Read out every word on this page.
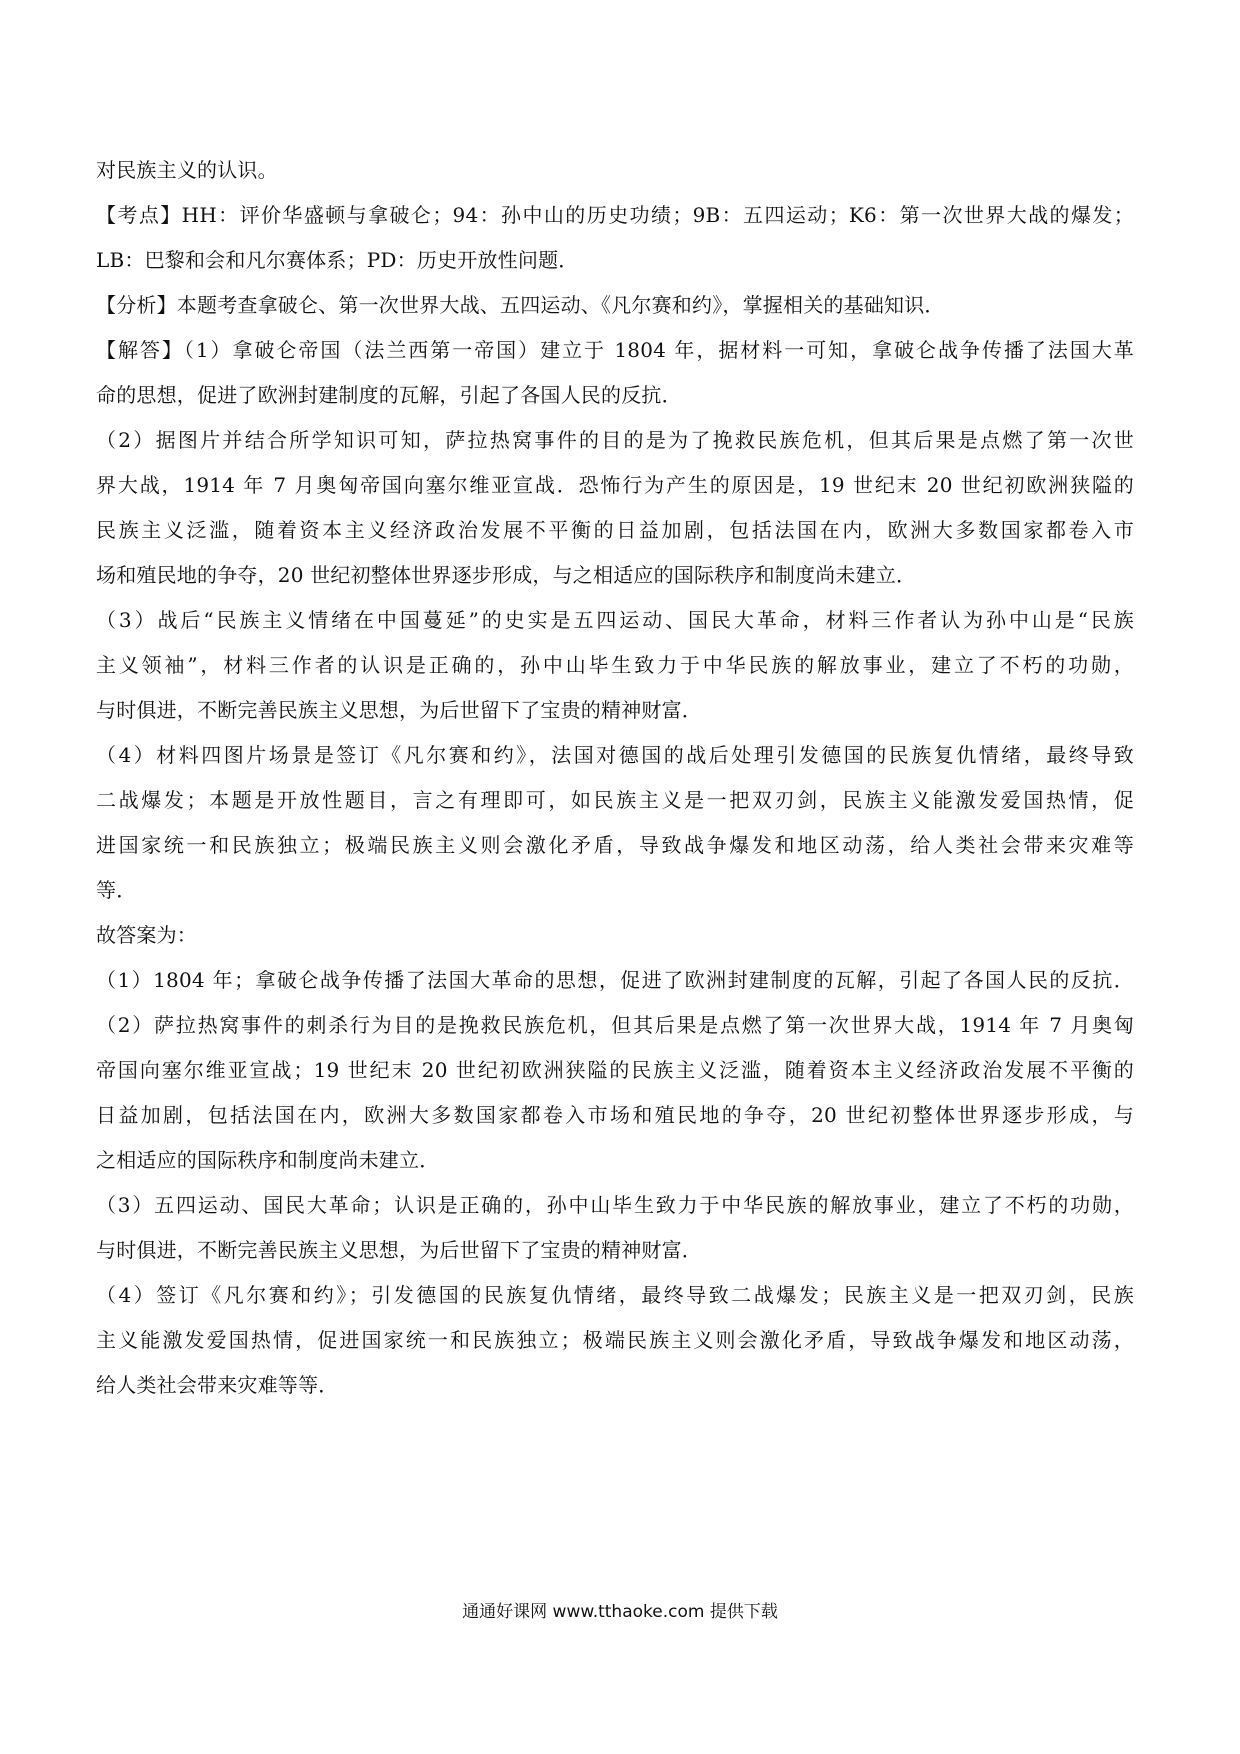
对民族主义的认识。
【考点】HH：评价华盛顿与拿破仑；94：孙中山的历史功绩；9B：五四运动；K6：第一次世界大战的爆发；
LB：巴黎和会和凡尔赛体系；PD：历史开放性问题．
【分析】本题考查拿破仑、第一次世界大战、五四运动、《凡尔赛和约》，掌握相关的基础知识．
【解答】（1）拿破仑帝国（法兰西第一帝国）建立于 1804 年，据材料一可知，拿破仑战争传播了法国大革
命的思想，促进了欧洲封建制度的瓦解，引起了各国人民的反抗．
（2）据图片并结合所学知识可知，萨拉热窝事件的目的是为了挽救民族危机，但其后果是点燃了第一次世
界大战，1914 年 7 月奥匈帝国向塞尔维亚宣战．恐怖行为产生的原因是，19 世纪末 20 世纪初欧洲狭隘的
民族主义泛滥，随着资本主义经济政治发展不平衡的日益加剧，包括法国在内，欧洲大多数国家都卷入市
场和殖民地的争夺，20 世纪初整体世界逐步形成，与之相适应的国际秩序和制度尚未建立．
（3）战后“民族主义情绪在中国蔓延”的史实是五四运动、国民大革命，材料三作者认为孙中山是“民族
主义领袖”，材料三作者的认识是正确的，孙中山毕生致力于中华民族的解放事业，建立了不朽的功勋，
与时俱进，不断完善民族主义思想，为后世留下了宝贵的精神财富．
（4）材料四图片场景是签订《凡尔赛和约》，法国对德国的战后处理引发德国的民族复仇情绪，最终导致
二战爆发；本题是开放性题目，言之有理即可，如民族主义是一把双刃剑，民族主义能激发爱国热情，促
进国家统一和民族独立；极端民族主义则会激化矛盾，导致战争爆发和地区动荡，给人类社会带来灾难等
等．
故答案为：
（1）1804 年；拿破仑战争传播了法国大革命的思想，促进了欧洲封建制度的瓦解，引起了各国人民的反抗．
（2）萨拉热窝事件的刺杀行为目的是挽救民族危机，但其后果是点燃了第一次世界大战，1914 年 7 月奥匈
帝国向塞尔维亚宣战；19 世纪末 20 世纪初欧洲狭隘的民族主义泛滥，随着资本主义经济政治发展不平衡的
日益加剧，包括法国在内，欧洲大多数国家都卷入市场和殖民地的争夺，20 世纪初整体世界逐步形成，与
之相适应的国际秩序和制度尚未建立．
（3）五四运动、国民大革命；认识是正确的，孙中山毕生致力于中华民族的解放事业，建立了不朽的功勋，
与时俱进，不断完善民族主义思想，为后世留下了宝贵的精神财富．
（4）签订《凡尔赛和约》；引发德国的民族复仇情绪，最终导致二战爆发；民族主义是一把双刃剑，民族
主义能激发爱国热情，促进国家统一和民族独立；极端民族主义则会激化矛盾，导致战争爆发和地区动荡，
给人类社会带来灾难等等．
通通好课网 www.tthaoke.com 提供下载
